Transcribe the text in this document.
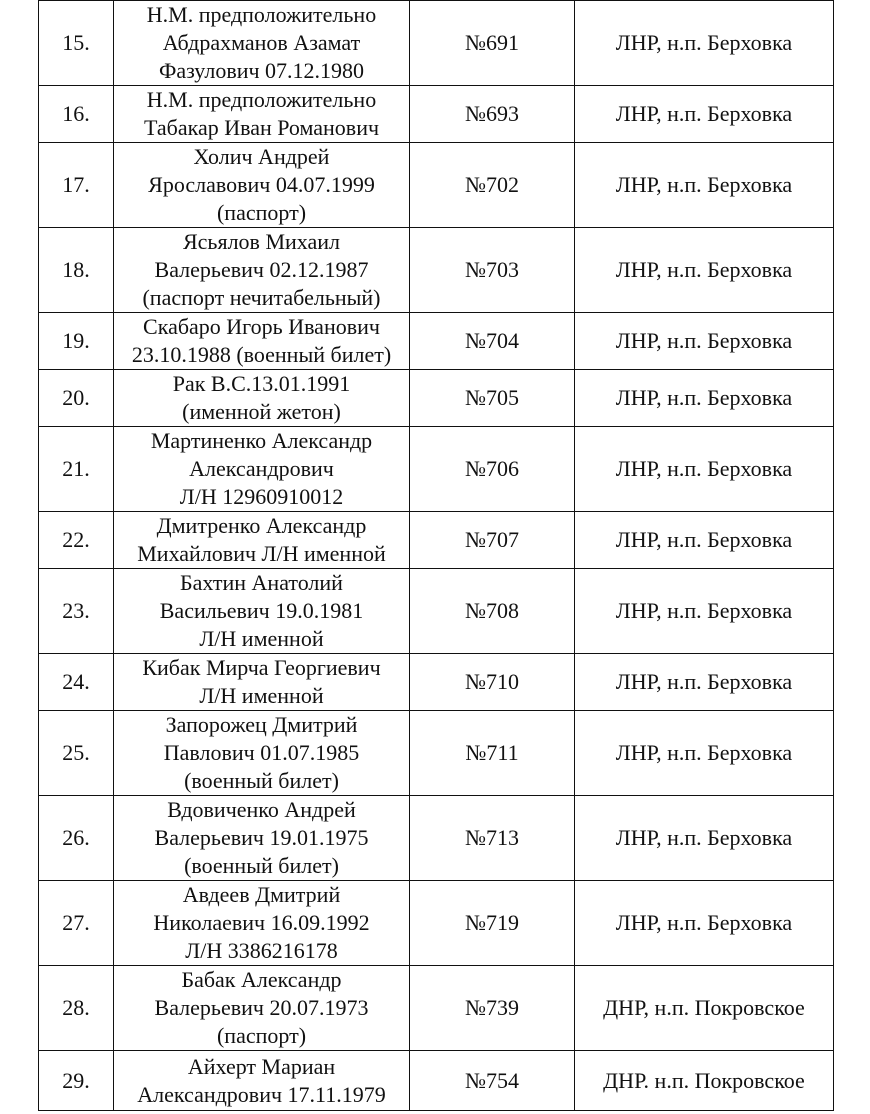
15.	Н.М. предположительно
Абдрахманов Азамат
Фазулович 07.12.1980	№691	ЛНР, н.п. Берховка
16.	Н.М. предположительно
Табакар Иван Романович	№693	ЛНР, н.п. Берховка
17.	Холич Андрей
Ярославович 04.07.1999
(паспорт)	№702	ЛНР, н.п. Берховка
18.	Ясьялов Михаил
Валерьевич 02.12.1987
(паспорт нечитабельный)	№703	ЛНР, н.п. Берховка
19.	Скабаро Игорь Иванович
23.10.1988 (военный билет)	№704	ЛНР, н.п. Берховка
20.	Рак В.С.13.01.1991
(именной жетон)	№705	ЛНР, н.п. Берховка
21.	Мартиненко Александр
Александрович
Л/Н 12960910012	№706	ЛНР, н.п. Берховка
22.	Дмитренко Александр
Михайлович Л/Н именной	№707	ЛНР, н.п. Берховка
23.	Бахтин Анатолий
Васильевич 19.0.1981
Л/Н именной	№708	ЛНР, н.п. Берховка
24.	Кибак Мирча Георгиевич
Л/Н именной	№710	ЛНР, н.п. Берховка
25.	Запорожец Дмитрий
Павлович 01.07.1985
(военный билет)	№711	ЛНР, н.п. Берховка
26.	Вдовиченко Андрей
Валерьевич 19.01.1975
(военный билет)	№713	ЛНР, н.п. Берховка
27.	Авдеев Дмитрий
Николаевич 16.09.1992
Л/Н 3386216178	№719	ЛНР, н.п. Берховка
28.	Бабак Александр
Валерьевич 20.07.1973
(паспорт)	№739	ДНР, н.п. Покровское
29.	Айхерт Мариан
Александрович 17.11.1979	№754	ДНР. н.п. Покровское
